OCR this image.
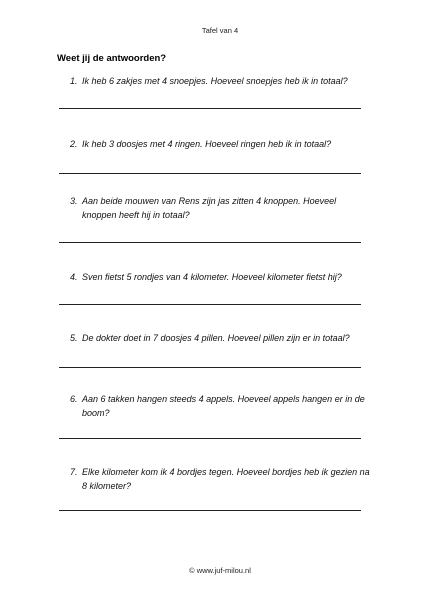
Tafel van 4
Weet jij de antwoorden?
1. Ik heb 6 zakjes met 4 snoepjes. Hoeveel snoepjes heb ik in totaal?
2. Ik heb 3 doosjes met 4 ringen. Hoeveel ringen heb ik in totaal?
3. Aan beide mouwen van Rens zijn jas zitten 4 knoppen. Hoeveel knoppen heeft hij in totaal?
4. Sven fietst 5 rondjes van 4 kilometer. Hoeveel kilometer fietst hij?
5. De dokter doet in 7 doosjes 4 pillen. Hoeveel pillen zijn er in totaal?
6. Aan 6 takken hangen steeds 4 appels. Hoeveel appels hangen er in de boom?
7. Elke kilometer kom ik 4 bordjes tegen. Hoeveel bordjes heb ik gezien na 8 kilometer?
© www.juf-milou.nl
